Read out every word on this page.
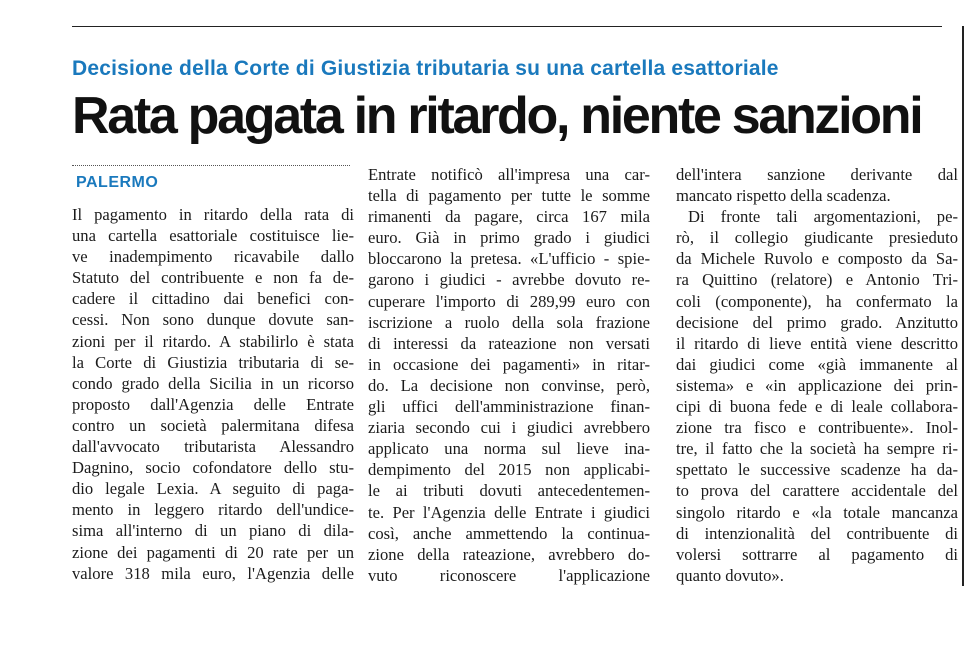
Decisione della Corte di Giustizia tributaria su una cartella esattoriale
Rata pagata in ritardo, niente sanzioni
PALERMO
Il pagamento in ritardo della rata di
una cartella esattoriale costituisce lie-
ve inadempimento ricavabile dallo
Statuto del contribuente e non fa de-
cadere il cittadino dai benefici con-
cessi. Non sono dunque dovute san-
zioni per il ritardo. A stabilirlo è stata
la Corte di Giustizia tributaria di se-
condo grado della Sicilia in un ricorso
proposto dall'Agenzia delle Entrate
contro un società palermitana difesa
dall'avvocato tributarista Alessandro
Dagnino, socio cofondatore dello stu-
dio legale Lexia. A seguito di paga-
mento in leggero ritardo dell'undice-
sima all'interno di un piano di dila-
zione dei pagamenti di 20 rate per un
valore 318 mila euro, l'Agenzia delle
Entrate notificò all'impresa una car-
tella di pagamento per tutte le somme
rimanenti da pagare, circa 167 mila
euro. Già in primo grado i giudici
bloccarono la pretesa. «L'ufficio - spie-
garono i giudici - avrebbe dovuto re-
cuperare l'importo di 289,99 euro con
iscrizione a ruolo della sola frazione
di interessi da rateazione non versati
in occasione dei pagamenti» in ritar-
do. La decisione non convinse, però,
gli uffici dell'amministrazione finan-
ziaria secondo cui i giudici avrebbero
applicato una norma sul lieve ina-
dempimento del 2015 non applicabi-
le ai tributi dovuti antecedentemen-
te. Per l'Agenzia delle Entrate i giudici
così, anche ammettendo la continua-
zione della rateazione, avrebbero do-
vuto riconoscere l'applicazione
dell'intera sanzione derivante dal
mancato rispetto della scadenza.
Di fronte tali argomentazioni, pe-
rò, il collegio giudicante presieduto
da Michele Ruvolo e composto da Sa-
ra Quittino (relatore) e Antonio Tri-
coli (componente), ha confermato la
decisione del primo grado. Anzitutto
il ritardo di lieve entità viene descritto
dai giudici come «già immanente al
sistema» e «in applicazione dei prin-
cipi di buona fede e di leale collabora-
zione tra fisco e contribuente». Inol-
tre, il fatto che la società ha sempre ri-
spettato le successive scadenze ha da-
to prova del carattere accidentale del
singolo ritardo e «la totale mancanza
di intenzionalità del contribuente di
volersi sottrarre al pagamento di
quanto dovuto».
